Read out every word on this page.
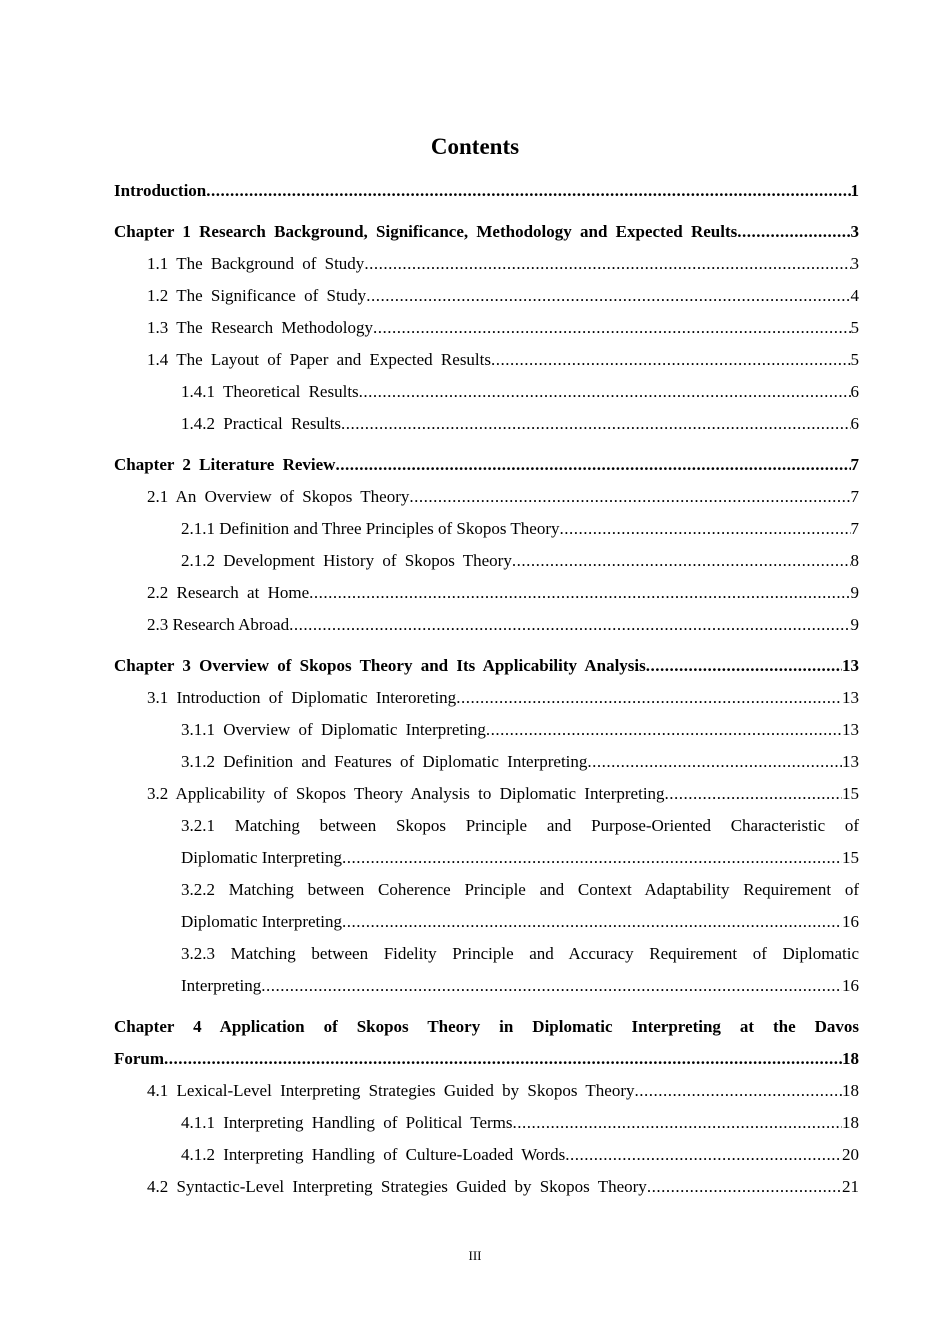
Contents
Introduction .....	1
Chapter 1 Research Background, Significance, Methodology and Expected Reults .....	3
1.1 The Background of Study .....	3
1.2 The Significance of Study .....	4
1.3 The Research Methodology .....	5
1.4 The Layout of Paper and Expected Results .....	5
1.4.1 Theoretical Results .....	6
1.4.2 Practical Results .....	6
Chapter 2 Literature Review .....	7
2.1 An Overview of Skopos Theory .....	7
2.1.1 Definition and Three Principles of Skopos Theory .....	7
2.1.2 Development History of Skopos Theory .....	8
2.2 Research at Home .....	9
2.3 Research Abroad .....	9
Chapter 3 Overview of Skopos Theory and Its Applicability Analysis .....	13
3.1 Introduction of Diplomatic Interoreting .....	13
3.1.1 Overview of Diplomatic Interpreting .....	13
3.1.2 Definition and Features of Diplomatic Interpreting .....	13
3.2 Applicability of Skopos Theory Analysis to Diplomatic Interpreting .....	15
3.2.1 Matching between Skopos Principle and Purpose-Oriented Characteristic of
Diplomatic Interpreting .....	15
3.2.2 Matching between Coherence Principle and Context Adaptability Requirement of
Diplomatic Interpreting .....	16
3.2.3 Matching between Fidelity Principle and Accuracy Requirement of Diplomatic
Interpreting .....	16
Chapter 4 Application of Skopos Theory in Diplomatic Interpreting at the Davos
Forum .....	18
4.1 Lexical-Level Interpreting Strategies Guided by Skopos Theory .....	18
4.1.1 Interpreting Handling of Political Terms .....	18
4.1.2 Interpreting Handling of Culture-Loaded Words .....	20
4.2 Syntactic-Level Interpreting Strategies Guided by Skopos Theory .....	21
III
